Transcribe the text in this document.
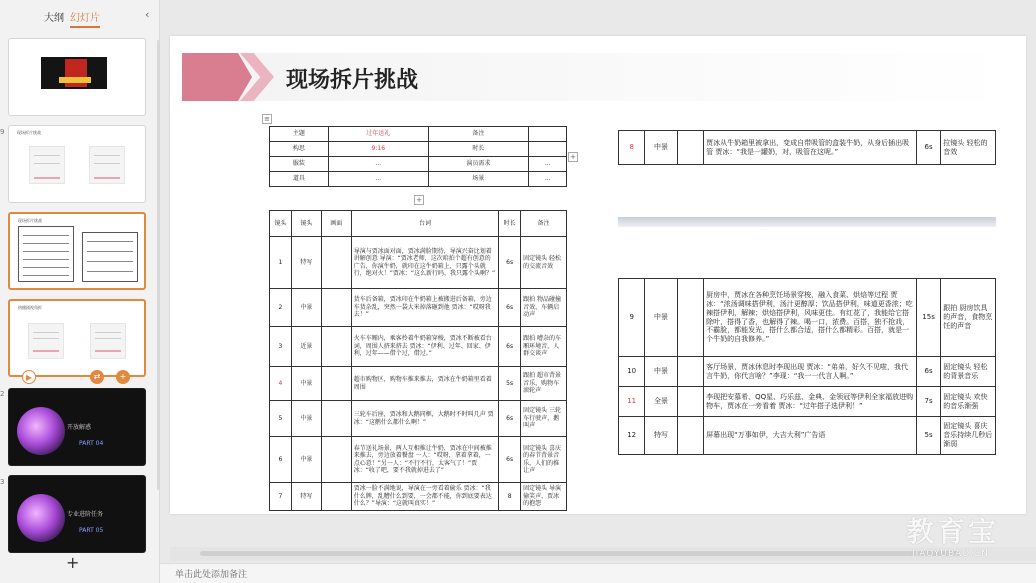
大纲 幻灯片	‹
9	现场拆片挑战
现场拆片挑战
热播剧视角拆
▶	⇄	+
2
开放解惑
PART 04
3
专业进阶任务
PART 05
+
现场拆片挑战
≡
主题	过年送礼	备注	
构思	9:16	时长	
服装	…	演员需求	…
道具	…	场景	…
+
+
镜头	镜头	画面	台词	时长	备注
1	特写		导演与贾冰面对面，贾冰满脸期待，导演兴奋比划着讲解创意 导演：“贾冰老师，这次咱拍个超有创意的广告，你演牛奶，就印在这牛奶箱上，只露个头就行，绝对火！”贾冰：“这么新行吗，我只露个头啊？”	6s	固定镜头 轻松的交流音效
2	中景		货车后备箱，贾冰印在牛奶箱上被搬进后备箱，旁边车货杂乱，突然一袋大米掉落砸到他 贾冰：“哎呀我去！”	6s	跟拍 物品碰撞音效，车辆启动声
3	近景		火车车厢内，乘客拎着牛奶箱穿梭，贾冰不断被看台词，周围人挤来挤去 贾冰：“伊利、过年、回家、伊利，过年——借个过，借过。”	6s	跟拍 嘈杂的车厢环境音，人群交谈声
4	中景		超市购物区，购物车推来推去，贾冰在牛奶箱里看着周围	5s	跟拍 超市背景音乐，购物车滚轮声
5	中景		三轮车后座，贾冰和大鹅同框，大鹅时不时叫几声 贾冰：“这鹅什么都什么啊！”	6s	固定镜头 三轮车行驶声，鹅叫声
6	中景		春节送礼场景，两人互相推让牛奶，贾冰在中间被推来推去，旁边放着餐盘 一人：“哎呀，拿着拿着，一点心意！”另一人：“不行不行，太客气了！”贾冰：“收了吧，要不我就掉进去了”	6s	固定镜头 喜庆的春节背景音乐，人们的推让声
7	特写		贾冰一脸不满地说，导演在一旁看着偷乐 贾冰：“我什么牌，乱糟什么到要，一会都不能，你到底要表达什么？”导演：“这就叫真实！”	8	固定镜头 导演偷笑声，贾冰的抱怨
8	中景		贾冰从牛奶箱里被拿出，变成自带吸管的盒装牛奶，从身后插出吸管 贾冰：“我是一罐奶，对，吸管在这呢。”	6s	拉镜头 轻松的音效
9	中景		厨房中，贾冰在各种烹饪场景穿梭，融入食菜、烘焙等过程 贾冰：“浓汤调味搭伊利，汤汁更醇厚；饮品搭伊利，味道更香浓；吃辣搭伊利，解辣；烘焙搭伊利，风味更佳。有红花了，我能给它搭除叶，搭得了香，也解得了辣。喝一口，浓费。百搭，独不抢戏，不霸脸，都能发光，搭什么都合适，搭什么都精彩。百搭，就是一个牛奶的自我修养。”	15s	跟拍 厨房饮具的声音，食物烹饪的声音
10	中景		客厅场景，贾冰休息时李现出现 贾冰：“弟弟，好久不见啦，我代言牛奶，你代言啥？”李现：“我一一代言人啊。”	6s	固定镜头 轻松的背景音乐
11	全景		李现把安慕希、QQ星、巧乐兹、金典、金领冠等伊利全家福放进购物车，贾冰在一旁看着 贾冰：“过年搭子选伊利！”	7s	固定镜头 欢快的音乐渐强
12	特写		屏幕出现“万事如伊，大吉大利”广告语	5s	固定镜头 喜庆音乐持续几秒后渐弱
单击此处添加备注
教育宝
JIAOYUBAO.CN
